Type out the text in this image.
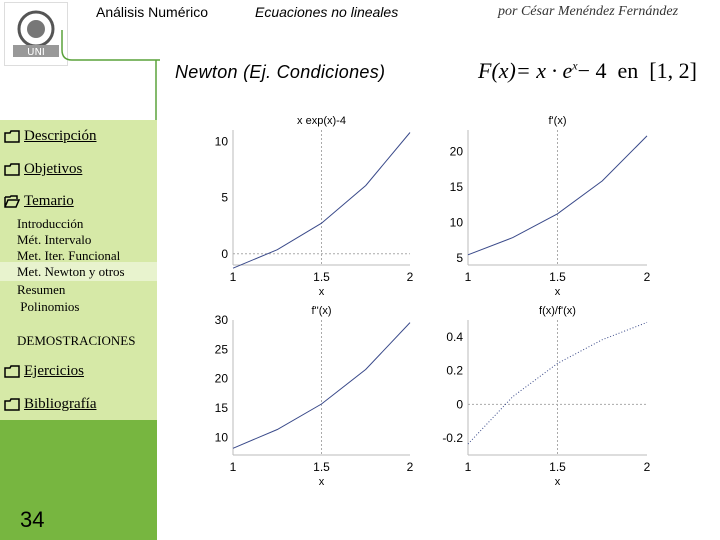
Análisis Numérico	Ecuaciones no lineales	por César Menéndez Fernández
UNI
Newton (Ej. Condiciones)	$F(x)= x \cdot e^x- 4$ en [1, 2]
Descripción
Objetivos
Temario
Introducción
Mét. Intervalo
Met. Iter. Funcional
Met. Newton y otros
Resumen
Polinomios
DEMOSTRACIONES
Ejercicios
Bibliografía
34
x exp(x)-4
0
5
10
1	1.5	2
x
f'(x)
5
10
15
20
1	1.5	2
x
f''(x)
10
15
20
25
30
1	1.5	2
x
f(x)/f'(x)
-0.2
0
0.2
0.4
1	1.5	2
x
